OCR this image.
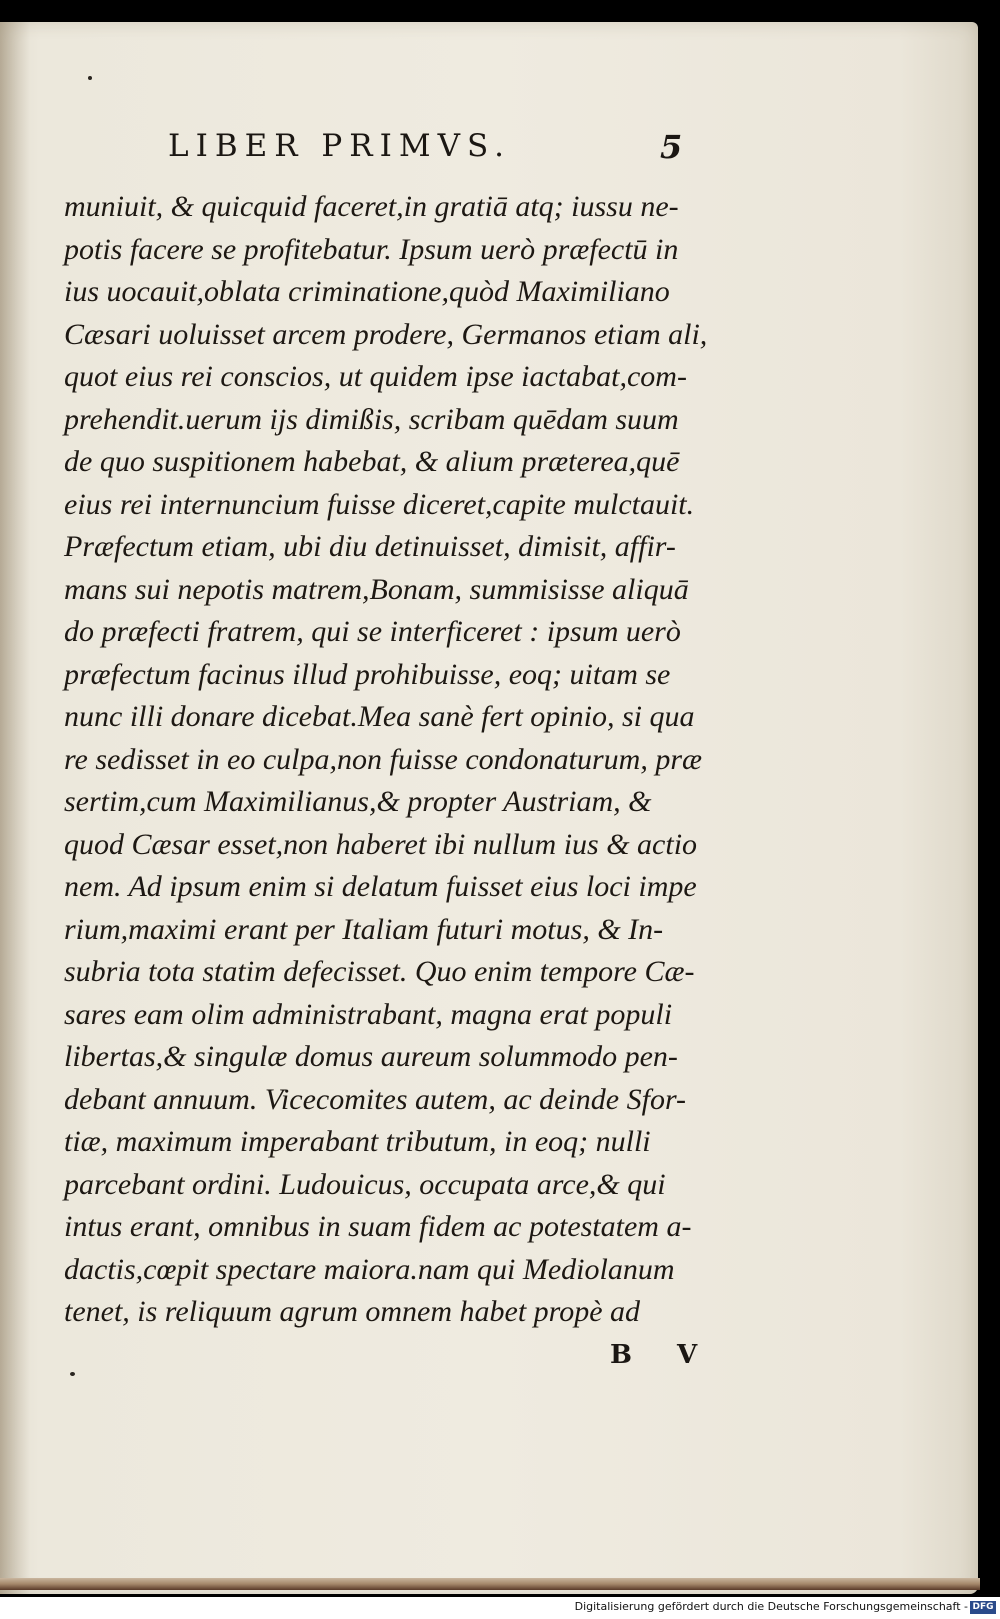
LIBER PRIMVS.	5
muniuit, & quicquid faceret,in gratiā atq; iussu ne-
potis facere se profitebatur. Ipsum uerò præfectū in
ius uocauit,oblata criminatione,quòd Maximiliano
Cæsari uoluisset arcem prodere, Germanos etiam ali,
quot eius rei conscios, ut quidem ipse iactabat,com-
prehendit.uerum ijs dimißis, scribam quēdam suum
de quo suspitionem habebat, & alium præterea,quē
eius rei internuncium fuisse diceret,capite mulctauit.
Præfectum etiam, ubi diu detinuisset, dimisit, affir-
mans sui nepotis matrem,Bonam, summisisse aliquā
do præfecti fratrem, qui se interficeret : ipsum uerò
præfectum facinus illud prohibuisse, eoq; uitam se
nunc illi donare dicebat.Mea sanè fert opinio, si qua
re sedisset in eo culpa,non fuisse condonaturum, præ
sertim,cum Maximilianus,& propter Austriam, &
quod Cæsar esset,non haberet ibi nullum ius & actio
nem. Ad ipsum enim si delatum fuisset eius loci impe
rium,maximi erant per Italiam futuri motus, & In-
subria tota statim defecisset. Quo enim tempore Cæ-
sares eam olim administrabant, magna erat populi
libertas,& singulæ domus aureum solummodo pen-
debant annuum. Vicecomites autem, ac deinde Sfor-
tiæ, maximum imperabant tributum, in eoq; nulli
parcebant ordini. Ludouicus, occupata arce,& qui
intus erant, omnibus in suam fidem ac potestatem a-
dactis,cœpit spectare maiora.nam qui Mediolanum
tenet, is reliquum agrum omnem habet propè ad
B V
Digitalisierung gefördert durch die Deutsche Forschungsgemeinschaft - DFG
